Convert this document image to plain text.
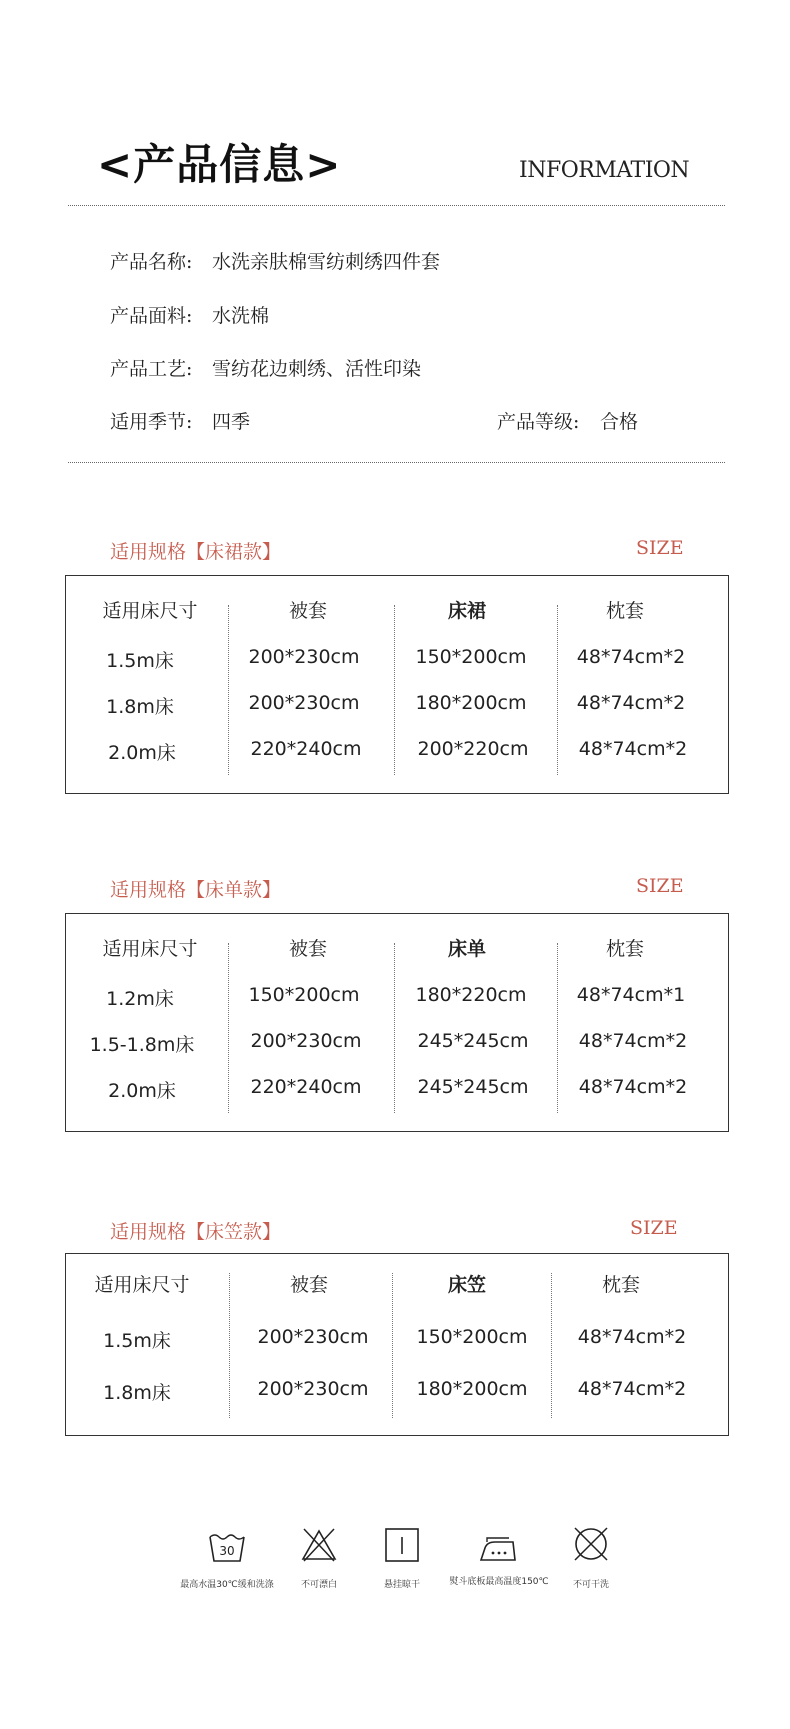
<产品信息>	INFORMATION
产品名称: 水洗亲肤棉雪纺刺绣四件套
产品面料: 水洗棉
产品工艺: 雪纺花边刺绣、活性印染
适用季节: 四季	产品等级: 合格
适用规格【床裙款】	SIZE
适用床尺寸	被套	床裙	枕套
1.5m床	200*230cm	150*200cm	48*74cm*2
1.8m床	200*230cm	180*200cm	48*74cm*2
2.0m床	220*240cm	200*220cm	48*74cm*2
适用规格【床单款】	SIZE
适用床尺寸	被套	床单	枕套
1.2m床	150*200cm	180*220cm	48*74cm*1
1.5-1.8m床	200*230cm	245*245cm	48*74cm*2
2.0m床	220*240cm	245*245cm	48*74cm*2
适用规格【床笠款】	SIZE
适用床尺寸	被套	床笠	枕套
1.5m床	200*230cm	150*200cm	48*74cm*2
1.8m床	200*230cm	180*200cm	48*74cm*2
30
最高水温30℃缓和洗涤	不可漂白	悬挂晾干	熨斗底板最高温度150℃	不可干洗
